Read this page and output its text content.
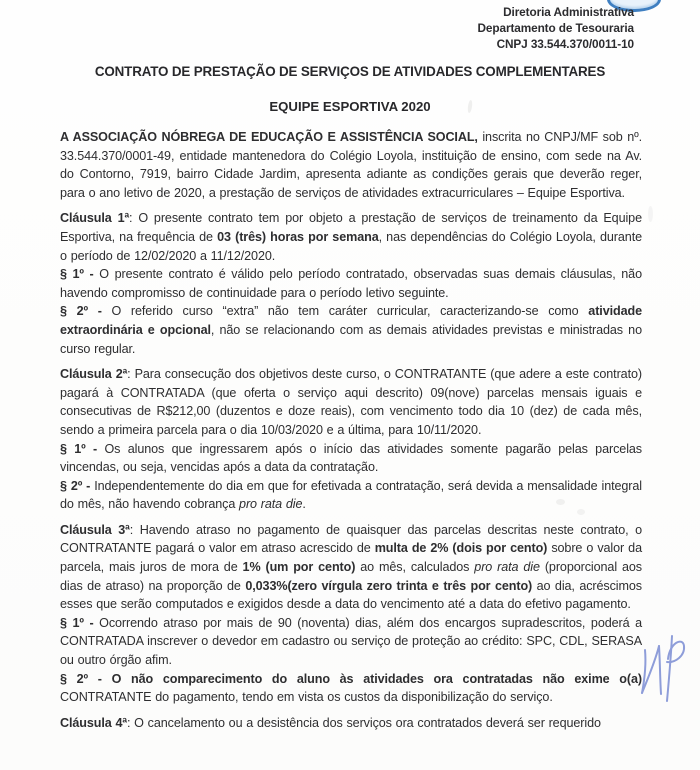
Diretoria Administrativa
Departamento de Tesouraria
CNPJ 33.544.370/0011-10
CONTRATO DE PRESTAÇÃO DE SERVIÇOS DE ATIVIDADES COMPLEMENTARES
EQUIPE ESPORTIVA 2020

A ASSOCIAÇÃO NÓBREGA DE EDUCAÇÃO E ASSISTÊNCIA SOCIAL, inscrita no CNPJ/MF sob nº. 33.544.370/0001-49, entidade mantenedora do Colégio Loyola, instituição de ensino, com sede na Av. do Contorno, 7919, bairro Cidade Jardim, apresenta adiante as condições gerais que deverão reger, para o ano letivo de 2020, a prestação de serviços de atividades extracurriculares – Equipe Esportiva.

Cláusula 1ª: O presente contrato tem por objeto a prestação de serviços de treinamento da Equipe Esportiva, na frequência de 03 (três) horas por semana, nas dependências do Colégio Loyola, durante o período de 12/02/2020 a 11/12/2020.

§ 1º - O presente contrato é válido pelo período contratado, observadas suas demais cláusulas, não havendo compromisso de continuidade para o período letivo seguinte.

§ 2º - O referido curso “extra” não tem caráter curricular, caracterizando-se como atividade extraordinária e opcional, não se relacionando com as demais atividades previstas e ministradas no curso regular.

Cláusula 2ª: Para consecução dos objetivos deste curso, o CONTRATANTE (que adere a este contrato) pagará à CONTRATADA (que oferta o serviço aqui descrito) 09(nove) parcelas mensais iguais e consecutivas de R$212,00 (duzentos e doze reais), com vencimento todo dia 10 (dez) de cada mês, sendo a primeira parcela para o dia 10/03/2020 e a última, para 10/11/2020.

§ 1º - Os alunos que ingressarem após o início das atividades somente pagarão pelas parcelas vincendas, ou seja, vencidas após a data da contratação.

§ 2º - Independentemente do dia em que for efetivada a contratação, será devida a mensalidade integral do mês, não havendo cobrança pro rata die.

Cláusula 3ª: Havendo atraso no pagamento de quaisquer das parcelas descritas neste contrato, o CONTRATANTE pagará o valor em atraso acrescido de multa de 2% (dois por cento) sobre o valor da parcela, mais juros de mora de 1% (um por cento) ao mês, calculados pro rata die (proporcional aos dias de atraso) na proporção de 0,033%(zero vírgula zero trinta e três por cento) ao dia, acréscimos esses que serão computados e exigidos desde a data do vencimento até a data do efetivo pagamento.

§ 1º - Ocorrendo atraso por mais de 90 (noventa) dias, além dos encargos supradescritos, poderá a CONTRATADA inscrever o devedor em cadastro ou serviço de proteção ao crédito: SPC, CDL, SERASA ou outro órgão afim.

§ 2º - O não comparecimento do aluno às atividades ora contratadas não exime o(a) CONTRATANTE do pagamento, tendo em vista os custos da disponibilização do serviço.

Cláusula 4ª: O cancelamento ou a desistência dos serviços ora contratados deverá ser requerido
